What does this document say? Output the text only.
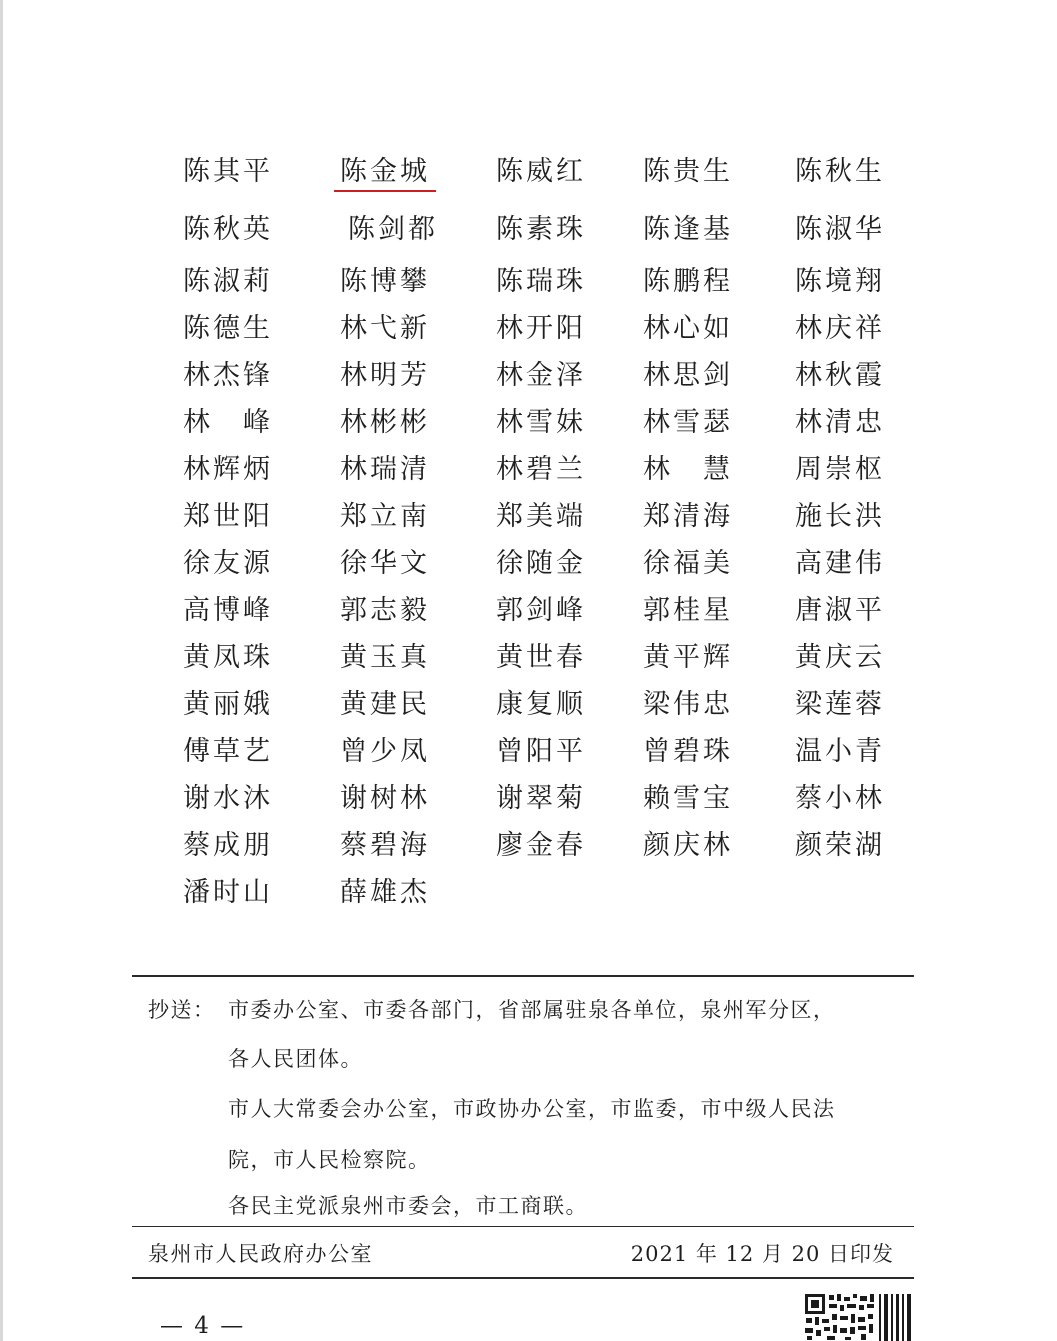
陈其平 陈金城 陈威红 陈贵生 陈秋生
陈秋英	陈剑都 陈素珠 陈逢基 陈淑华
陈淑莉 陈博攀 陈瑞珠 陈鹏程 陈境翔
陈德生 林弋新 林开阳 林心如 林庆祥
林杰锋 林明芳 林金泽 林思剑 林秋霞
林　峰 林彬彬 林雪妹 林雪瑟 林清忠
林辉炳 林瑞清 林碧兰 林　慧 周崇枢
郑世阳 郑立南 郑美端 郑清海 施长洪
徐友源 徐华文 徐随金 徐福美 高建伟
高博峰 郭志毅 郭剑峰 郭桂星 唐淑平
黄凤珠 黄玉真 黄世春 黄平辉 黄庆云
黄丽娥 黄建民 康复顺 梁伟忠 梁莲蓉
傅草艺 曾少凤 曾阳平 曾碧珠 温小青
谢水沐 谢树林 谢翠菊 赖雪宝 蔡小林
蔡成朋 蔡碧海 廖金春 颜庆林 颜荣湖
潘时山 薛雄杰
抄送： 市委办公室、市委各部门，省部属驻泉各单位，泉州军分区，
各人民团体。
市人大常委会办公室，市政协办公室，市监委，市中级人民法
院，市人民检察院。
各民主党派泉州市委会，市工商联。
泉州市人民政府办公室	2021 年 12 月 20 日印发
— 4 —
